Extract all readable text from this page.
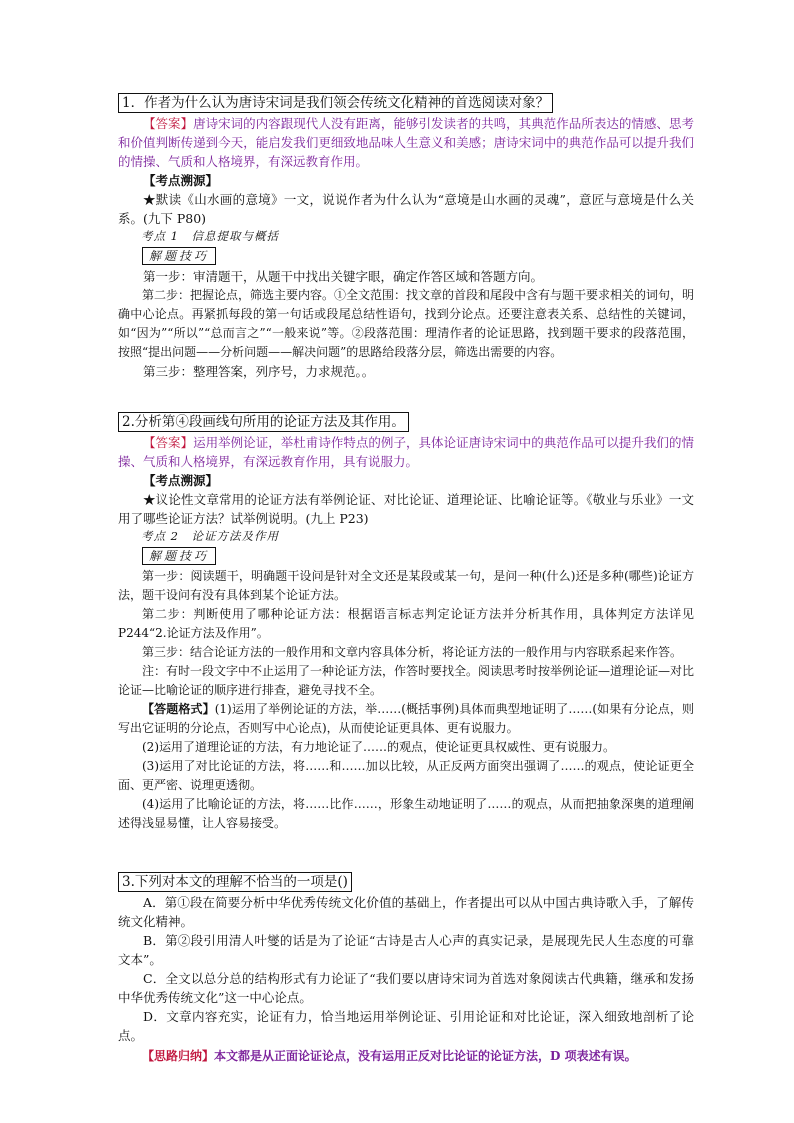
1．作者为什么认为唐诗宋词是我们领会传统文化精神的首选阅读对象？

【答案】唐诗宋词的内容跟现代人没有距离，能够引发读者的共鸣，其典范作品所表达的情感、思考和价值判断传递到今天，能启发我们更细致地品味人生意义和美感；唐诗宋词中的典范作品可以提升我们的情操、气质和人格境界，有深远教育作用。

【考点溯源】

★默读《山水画的意境》一文，说说作者为什么认为“意境是山水画的灵魂”，意匠与意境是什么关系。(九下 P80)

考点 1　信息提取与概括

解题技巧

第一步：审清题干，从题干中找出关键字眼，确定作答区域和答题方向。

第二步：把握论点，筛选主要内容。①全文范围：找文章的首段和尾段中含有与题干要求相关的词句，明确中心论点。再紧抓每段的第一句话或段尾总结性语句，找到分论点。还要注意表关系、总结性的关键词，如“因为”“所以”“总而言之”“一般来说”等。②段落范围：理清作者的论证思路，找到题干要求的段落范围，按照“提出问题——分析问题——解决问题”的思路给段落分层，筛选出需要的内容。

第三步：整理答案，列序号，力求规范。。

2.分析第④段画线句所用的论证方法及其作用。

【答案】运用举例论证，举杜甫诗作特点的例子，具体论证唐诗宋词中的典范作品可以提升我们的情操、气质和人格境界，有深远教育作用，具有说服力。

【考点溯源】

★议论性文章常用的论证方法有举例论证、对比论证、道理论证、比喻论证等。《敬业与乐业》一文用了哪些论证方法？试举例说明。(九上 P23)

考点 2　论证方法及作用

解题技巧

第一步：阅读题干，明确题干设问是针对全文还是某段或某一句，是问一种(什么)还是多种(哪些)论证方法，题干设问有没有具体到某个论证方法。

第二步：判断使用了哪种论证方法：根据语言标志判定论证方法并分析其作用，具体判定方法详见 P244“2.论证方法及作用”。

第三步：结合论证方法的一般作用和文章内容具体分析，将论证方法的一般作用与内容联系起来作答。

注：有时一段文字中不止运用了一种论证方法，作答时要找全。阅读思考时按举例论证—道理论证—对比论证—比喻论证的顺序进行排查，避免寻找不全。

【答题格式】(1)运用了举例论证的方法，举……(概括事例)具体而典型地证明了……(如果有分论点，则写出它证明的分论点，否则写中心论点)，从而使论证更具体、更有说服力。

(2)运用了道理论证的方法，有力地论证了……的观点，使论证更具权威性、更有说服力。

(3)运用了对比论证的方法，将……和……加以比较，从正反两方面突出强调了……的观点，使论证更全面、更严密、说理更透彻。

(4)运用了比喻论证的方法，将……比作……，形象生动地证明了……的观点，从而把抽象深奥的道理阐述得浅显易懂，让人容易接受。

3.下列对本文的理解不恰当的一项是()

A．第①段在简要分析中华优秀传统文化价值的基础上，作者提出可以从中国古典诗歌入手，了解传统文化精神。

B．第②段引用清人叶燮的话是为了论证“古诗是古人心声的真实记录，是展现先民人生态度的可靠文本”。

C．全文以总分总的结构形式有力论证了“我们要以唐诗宋词为首选对象阅读古代典籍，继承和发扬中华优秀传统文化”这一中心论点。

D．文章内容充实，论证有力，恰当地运用举例论证、引用论证和对比论证，深入细致地剖析了论点。

【思路归纳】本文都是从正面论证论点，没有运用正反对比论证的论证方法，D 项表述有误。
